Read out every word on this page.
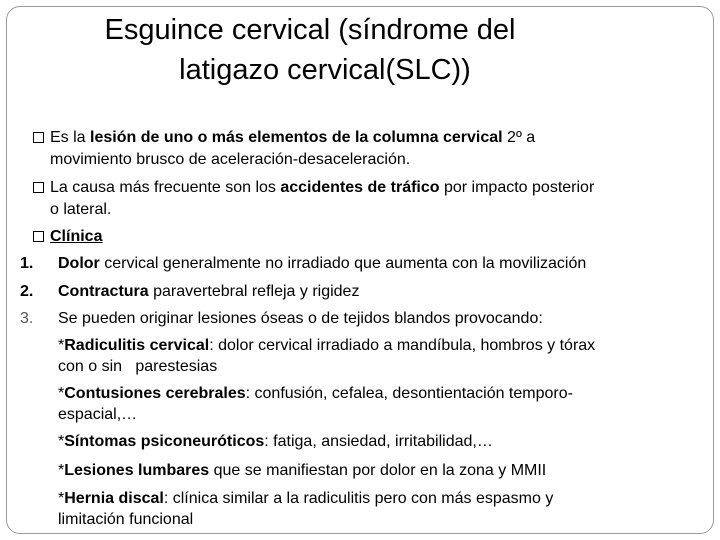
Esguince cervical (síndrome del
latigazo cervical(SLC))
Es la lesión de uno o más elementos de la columna cervical 2º a
movimiento brusco de aceleración-desaceleración.
La causa más frecuente son los accidentes de tráfico por impacto posterior
o lateral.
Clínica
1. Dolor cervical generalmente no irradiado que aumenta con la movilización
2. Contractura paravertebral refleja y rigidez
3. Se pueden originar lesiones óseas o de tejidos blandos provocando:
*Radiculitis cervical: dolor cervical irradiado a mandíbula, hombros y tórax
con o sin   parestesias
*Contusiones cerebrales: confusión, cefalea, desontientación temporo-
espacial,…
*Síntomas psiconeuróticos: fatiga, ansiedad, irritabilidad,…
*Lesiones lumbares que se manifiestan por dolor en la zona y MMII
*Hernia discal: clínica similar a la radiculitis pero con más espasmo y
limitación funcional
